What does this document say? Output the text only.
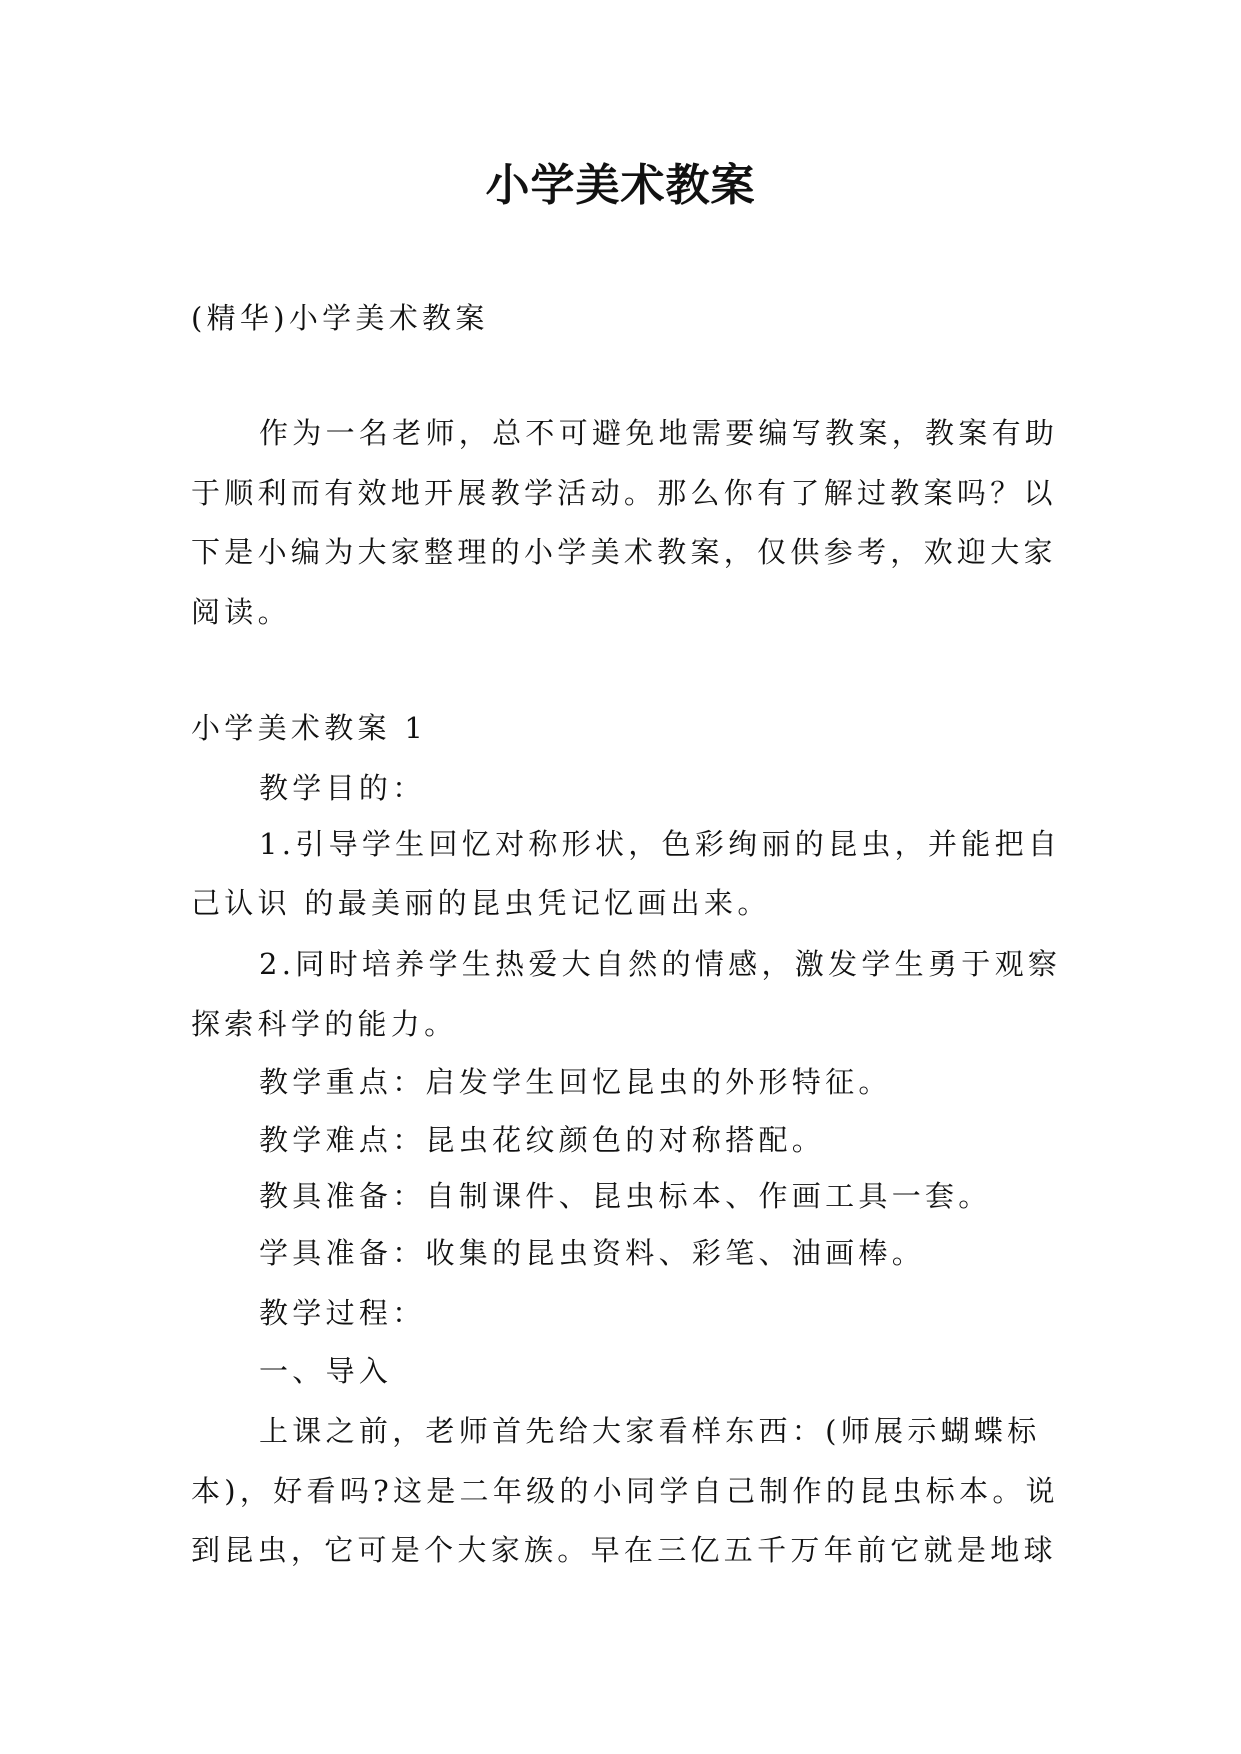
小学美术教案
(精华)小学美术教案
作为一名老师，总不可避免地需要编写教案，教案有助
于顺利而有效地开展教学活动。那么你有了解过教案吗？以
下是小编为大家整理的小学美术教案，仅供参考，欢迎大家
阅读。
小学美术教案 1
教学目的：
1.引导学生回忆对称形状，色彩绚丽的昆虫，并能把自
己认识 的最美丽的昆虫凭记忆画出来。
2.同时培养学生热爱大自然的情感，激发学生勇于观察
探索科学的能力。
教学重点：启发学生回忆昆虫的外形特征。
教学难点：昆虫花纹颜色的对称搭配。
教具准备：自制课件、昆虫标本、作画工具一套。
学具准备：收集的昆虫资料、彩笔、油画棒。
教学过程：
一、导入
上课之前，老师首先给大家看样东西：(师展示蝴蝶标
本)，好看吗?这是二年级的小同学自己制作的昆虫标本。说
到昆虫，它可是个大家族。早在三亿五千万年前它就是地球
